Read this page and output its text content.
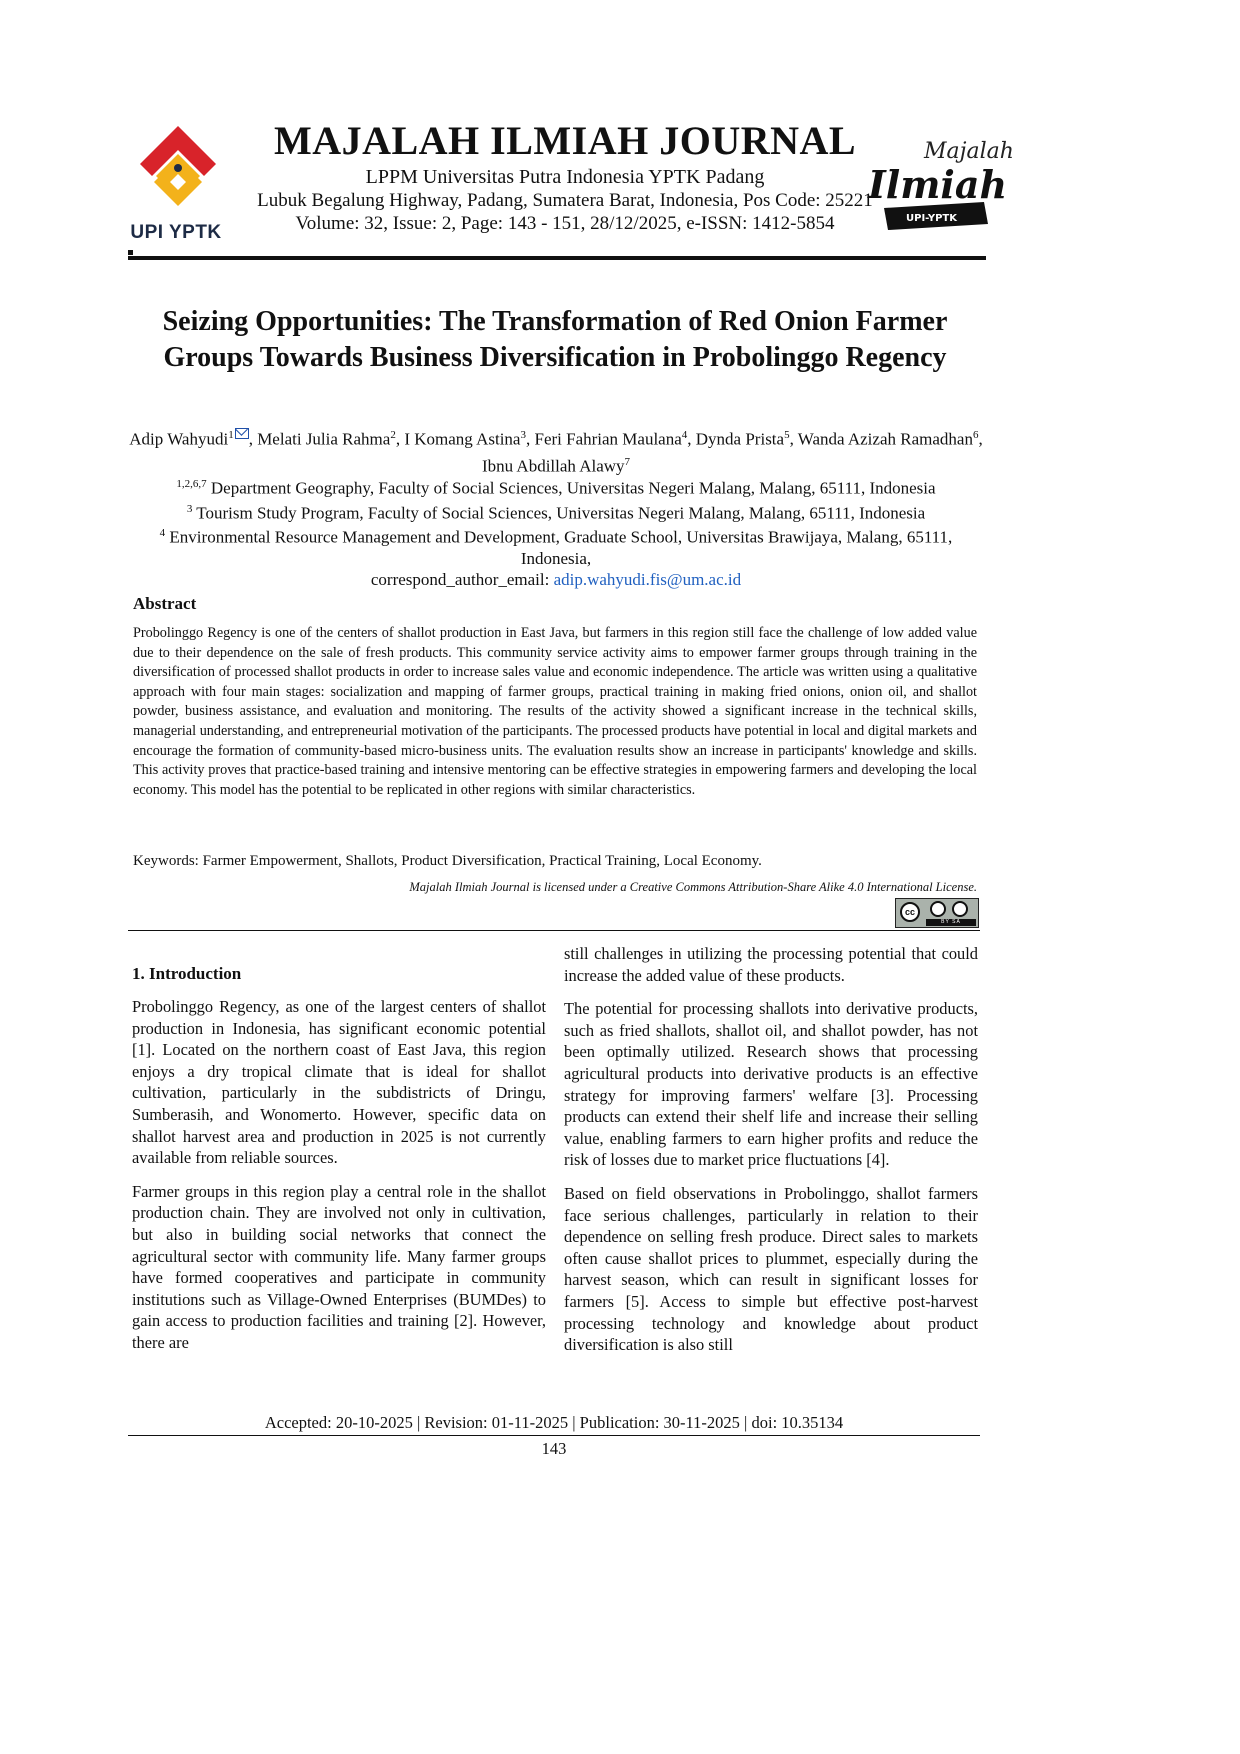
UPI YPTK
MAJALAH ILMIAH JOURNAL
LPPM Universitas Putra Indonesia YPTK Padang
Lubuk Begalung Highway, Padang, Sumatera Barat, Indonesia, Pos Code: 25221
Volume: 32, Issue: 2, Page: 143 - 151, 28/12/2025, e-ISSN: 1412-5854
Majalah
Ilmiah
UPI-YPTK
Seizing Opportunities: The Transformation of Red Onion Farmer
Groups Towards Business Diversification in Probolinggo Regency
Adip Wahyudi$^1$ , Melati Julia Rahma$^2$, I Komang Astina$^3$, Feri Fahrian Maulana$^4$, Dynda Prista$^5$, Wanda Azizah Ramadhan$^6$, Ibnu Abdillah Alawy$^7$
$^{1,2,6,7}$ Department Geography, Faculty of Social Sciences, Universitas Negeri Malang, Malang, 65111, Indonesia
$^3$ Tourism Study Program, Faculty of Social Sciences, Universitas Negeri Malang, Malang, 65111, Indonesia
$^4$ Environmental Resource Management and Development, Graduate School, Universitas Brawijaya, Malang, 65111, Indonesia,
correspond_author_email: adip.wahyudi.fis@um.ac.id
Abstract
Probolinggo Regency is one of the centers of shallot production in East Java, but farmers in this region still face the challenge of low added value due to their dependence on the sale of fresh products. This community service activity aims to empower farmer groups through training in the diversification of processed shallot products in order to increase sales value and economic independence. The article was written using a qualitative approach with four main stages: socialization and mapping of farmer groups, practical training in making fried onions, onion oil, and shallot powder, business assistance, and evaluation and monitoring. The results of the activity showed a significant increase in the technical skills, managerial understanding, and entrepreneurial motivation of the participants. The processed products have potential in local and digital markets and encourage the formation of community-based micro-business units. The evaluation results show an increase in participants' knowledge and skills. This activity proves that practice-based training and intensive mentoring can be effective strategies in empowering farmers and developing the local economy. This model has the potential to be replicated in other regions with similar characteristics.
Keywords: Farmer Empowerment, Shallots, Product Diversification, Practical Training, Local Economy.
Majalah Ilmiah Journal is licensed under a Creative Commons Attribution-Share Alike 4.0 International License.
cc
BY SA
1. Introduction

Probolinggo Regency, as one of the largest centers of shallot production in Indonesia, has significant economic potential [1]. Located on the northern coast of East Java, this region enjoys a dry tropical climate that is ideal for shallot cultivation, particularly in the subdistricts of Dringu, Sumberasih, and Wonomerto. However, specific data on shallot harvest area and production in 2025 is not currently available from reliable sources.

Farmer groups in this region play a central role in the shallot production chain. They are involved not only in cultivation, but also in building social networks that connect the agricultural sector with community life. Many farmer groups have formed cooperatives and participate in community institutions such as Village-Owned Enterprises (BUMDes) to gain access to production facilities and training [2]. However, there are

still challenges in utilizing the processing potential that could increase the added value of these products.

The potential for processing shallots into derivative products, such as fried shallots, shallot oil, and shallot powder, has not been optimally utilized. Research shows that processing agricultural products into derivative products is an effective strategy for improving farmers' welfare [3]. Processing products can extend their shelf life and increase their selling value, enabling farmers to earn higher profits and reduce the risk of losses due to market price fluctuations [4].

Based on field observations in Probolinggo, shallot farmers face serious challenges, particularly in relation to their dependence on selling fresh produce. Direct sales to markets often cause shallot prices to plummet, especially during the harvest season, which can result in significant losses for farmers [5]. Access to simple but effective post-harvest processing technology and knowledge about product diversification is also still

Accepted: 20-10-2025 | Revision: 01-11-2025 | Publication: 30-11-2025 | doi: 10.35134
143
